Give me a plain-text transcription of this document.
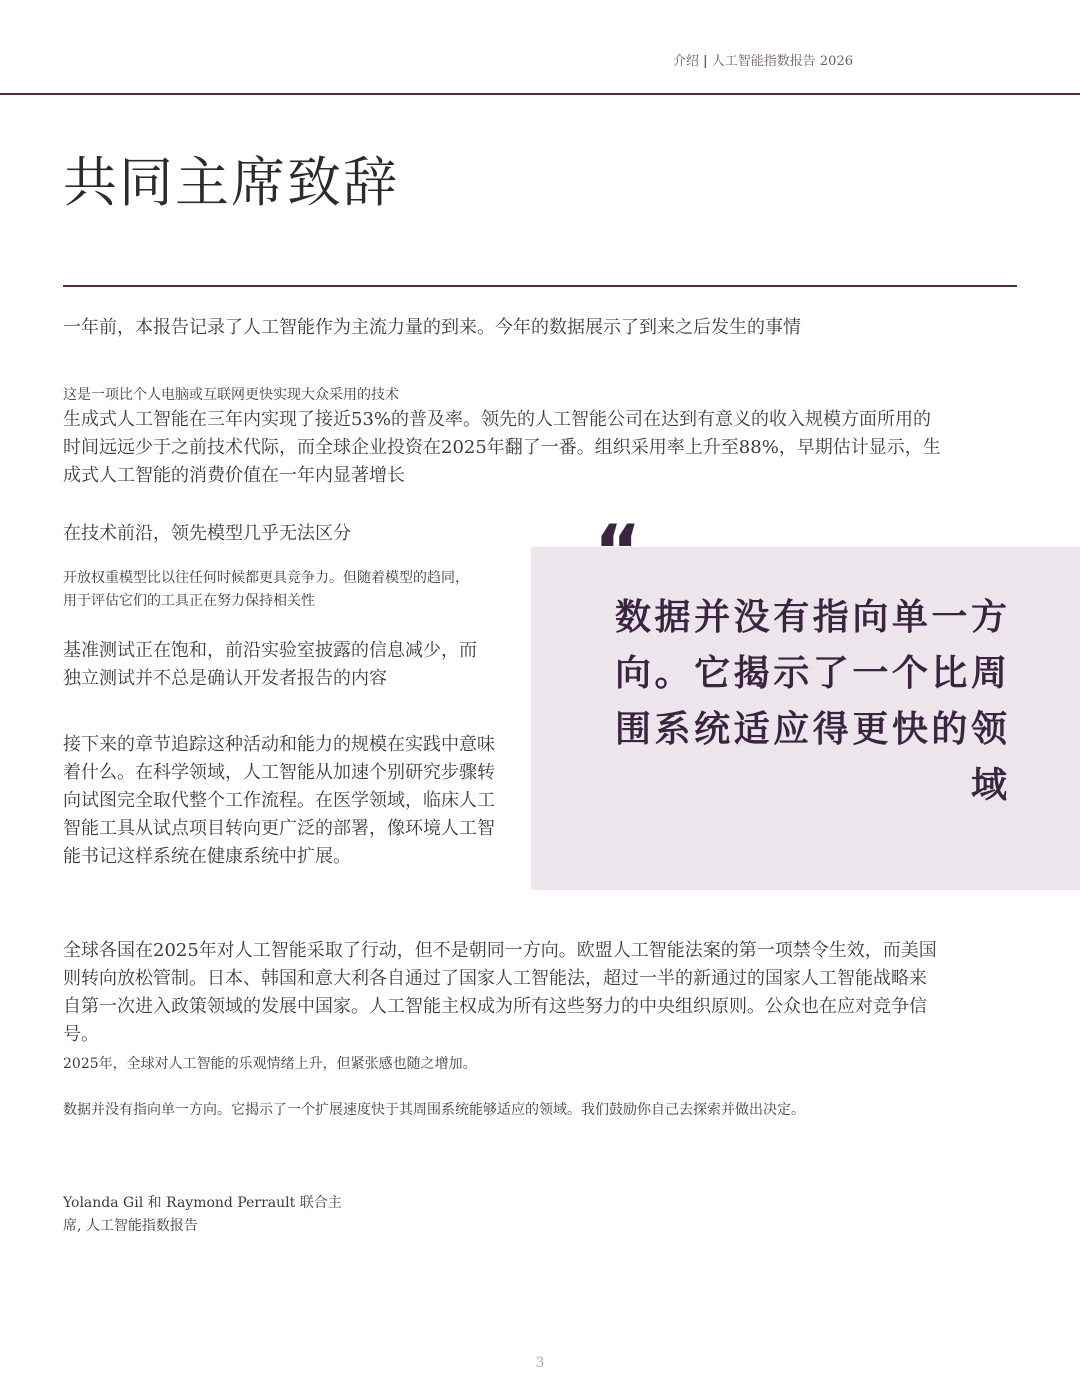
介绍 | 人工智能指数报告 2026
共同主席致辞
一年前，本报告记录了人工智能作为主流力量的到来。今年的数据展示了到来之后发生的事情
这是一项比个人电脑或互联网更快实现大众采用的技术
生成式人工智能在三年内实现了接近53%的普及率。领先的人工智能公司在达到有意义的收入规模方面所用的时间远远少于之前技术代际，而全球企业投资在2025年翻了一番。组织采用率上升至88%，早期估计显示，生成式人工智能的消费价值在一年内显著增长
在技术前沿，领先模型几乎无法区分
开放权重模型比以往任何时候都更具竞争力。但随着模型的趋同，用于评估它们的工具正在努力保持相关性
基准测试正在饱和，前沿实验室披露的信息减少，而独立测试并不总是确认开发者报告的内容
接下来的章节追踪这种活动和能力的规模在实践中意味着什么。在科学领域，人工智能从加速个别研究步骤转向试图完全取代整个工作流程。在医学领域，临床人工智能工具从试点项目转向更广泛的部署，像环境人工智能书记这样系统在健康系统中扩展。
“
数据并没有指向单一方向。它揭示了一个比周围系统适应得更快的领域
全球各国在2025年对人工智能采取了行动，但不是朝同一方向。欧盟人工智能法案的第一项禁令生效，而美国则转向放松管制。日本、韩国和意大利各自通过了国家人工智能法，超过一半的新通过的国家人工智能战略来自第一次进入政策领域的发展中国家。人工智能主权成为所有这些努力的中央组织原则。公众也在应对竞争信号。
2025年，全球对人工智能的乐观情绪上升，但紧张感也随之增加。
数据并没有指向单一方向。它揭示了一个扩展速度快于其周围系统能够适应的领域。我们鼓励你自己去探索并做出决定。
Yolanda Gil 和 Raymond Perrault 联合主
席, 人工智能指数报告
3
